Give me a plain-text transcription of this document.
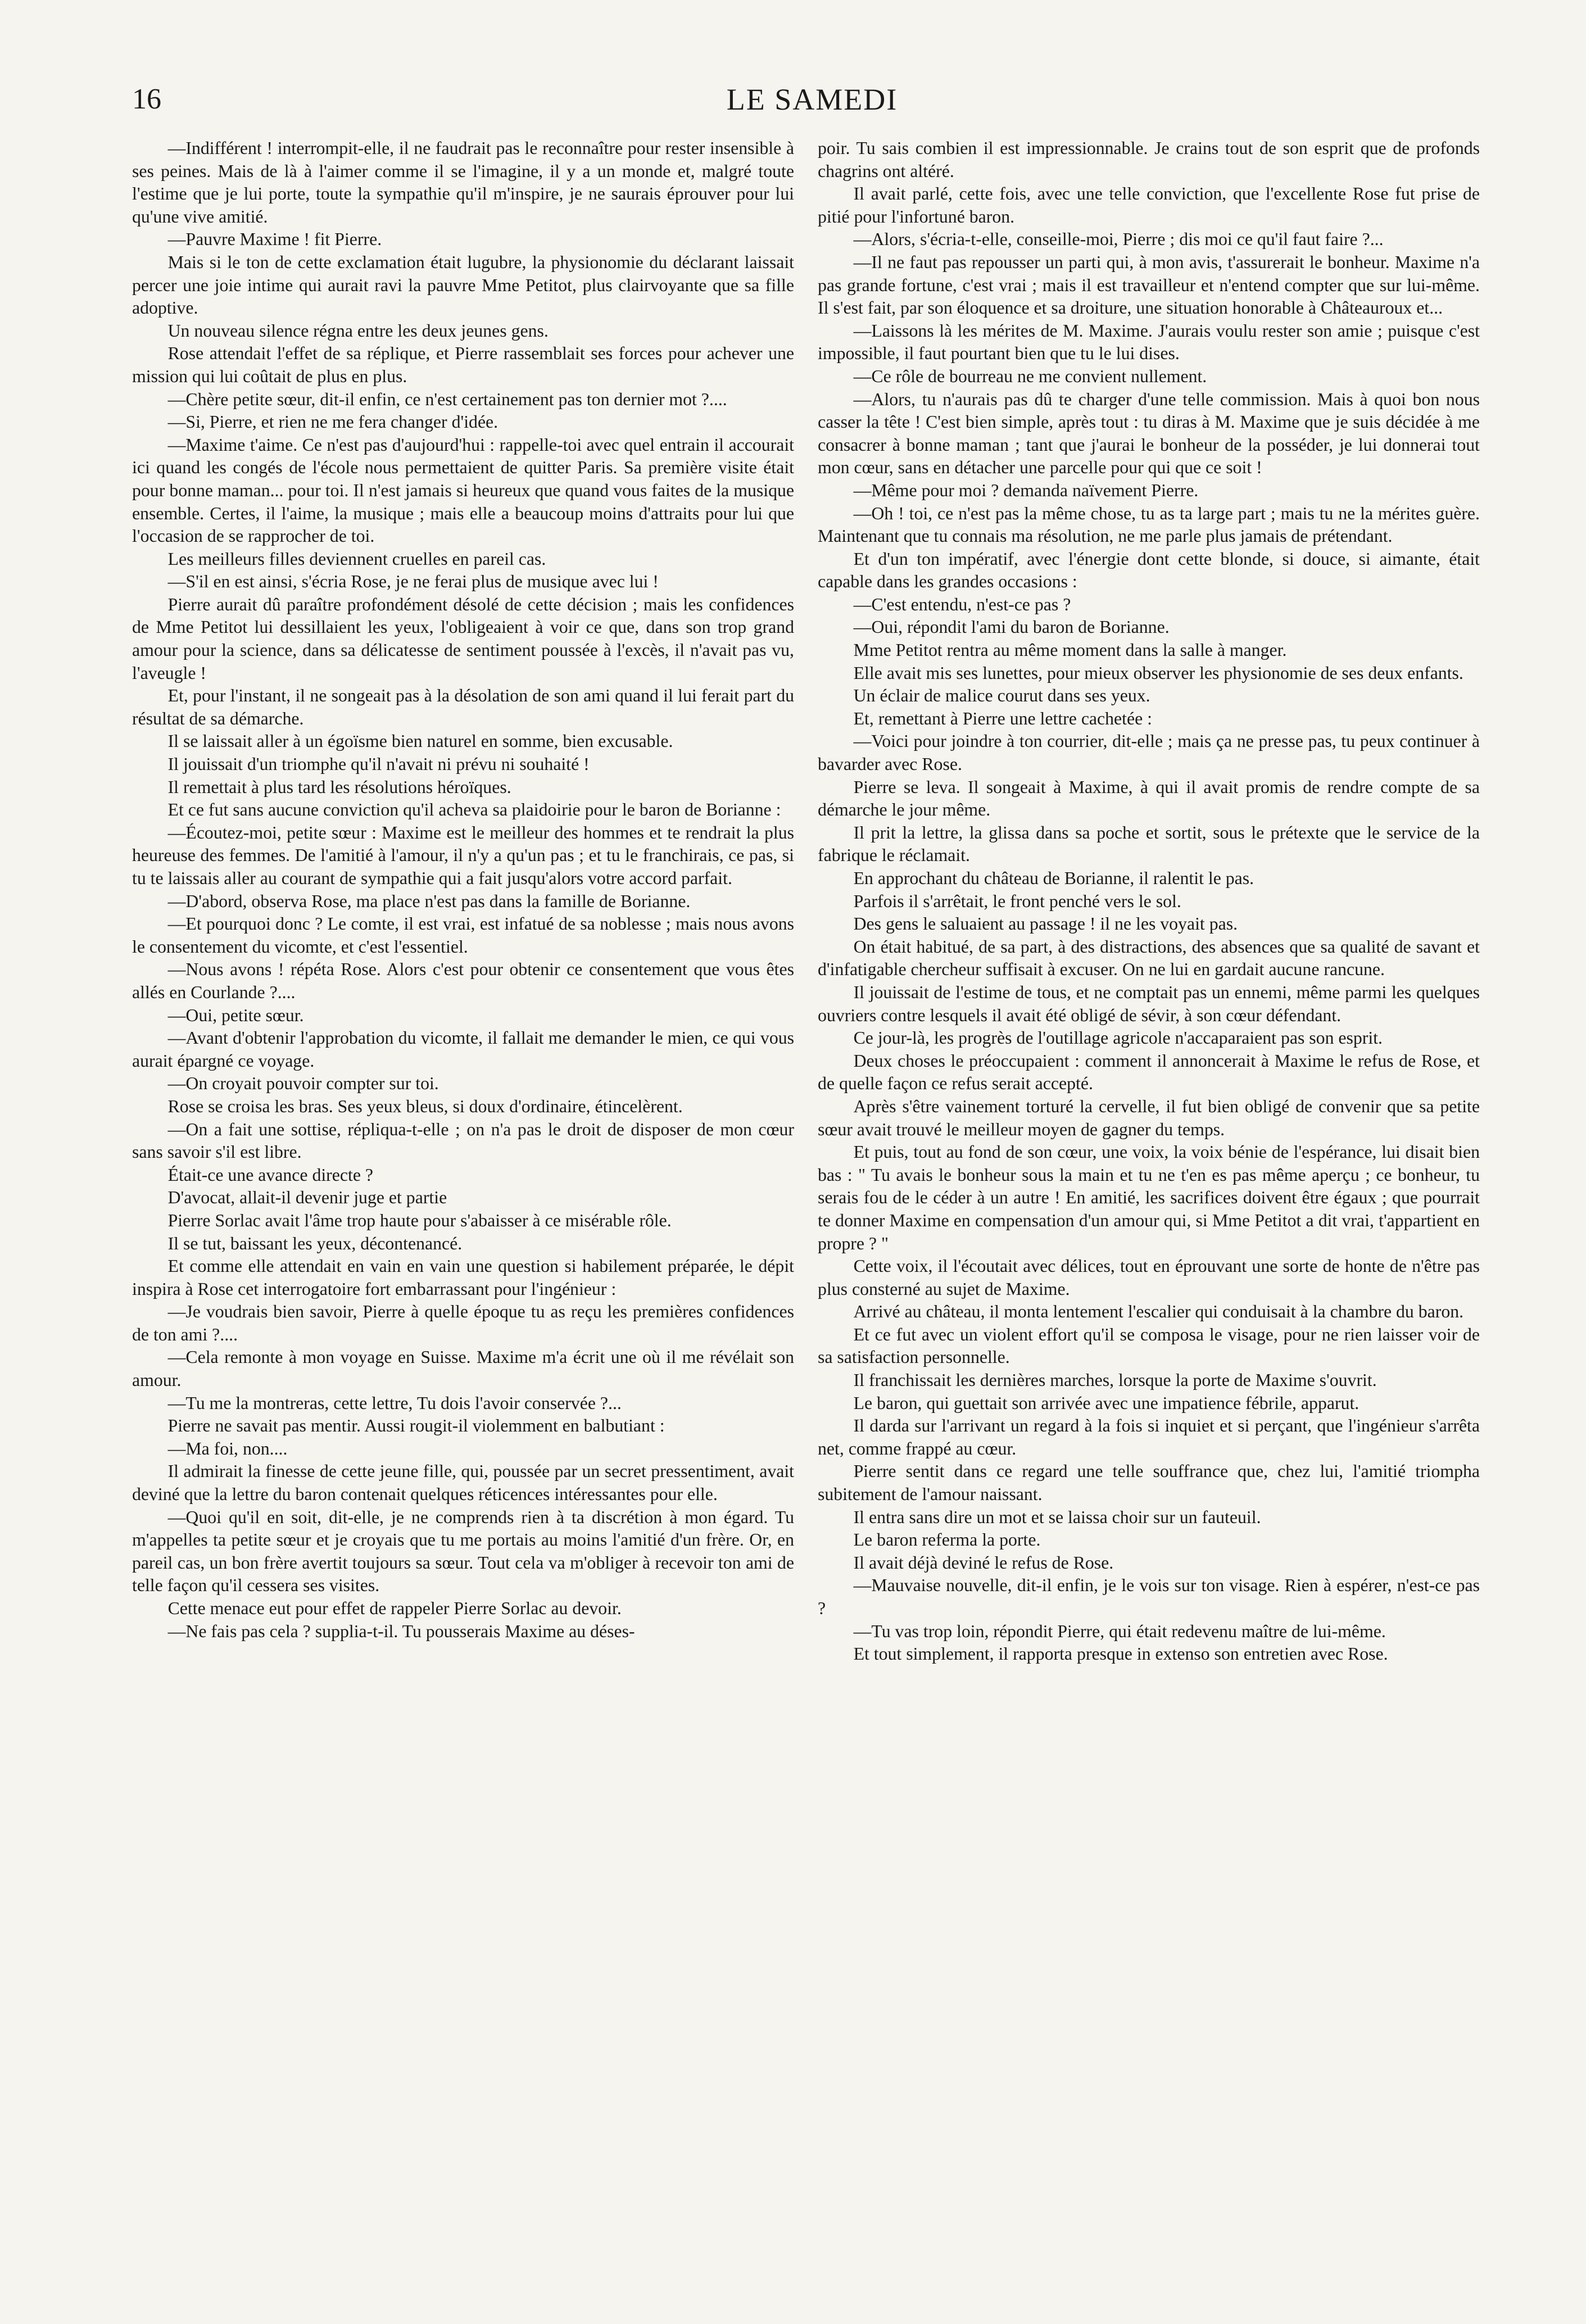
16	LE SAMEDI

—Indifférent ! interrompit-elle, il ne faudrait pas le reconnaître pour rester insensible à ses peines. Mais de là à l'aimer comme il se l'imagine, il y a un monde et, malgré toute l'estime que je lui porte, toute la sympathie qu'il m'inspire, je ne saurais éprouver pour lui qu'une vive amitié.

—Pauvre Maxime ! fit Pierre.

Mais si le ton de cette exclamation était lugubre, la physionomie du déclarant laissait percer une joie intime qui aurait ravi la pauvre Mme Petitot, plus clairvoyante que sa fille adoptive.

Un nouveau silence régna entre les deux jeunes gens.

Rose attendait l'effet de sa réplique, et Pierre rassemblait ses forces pour achever une mission qui lui coûtait de plus en plus.

—Chère petite sœur, dit-il enfin, ce n'est certainement pas ton dernier mot ?....

—Si, Pierre, et rien ne me fera changer d'idée.

—Maxime t'aime. Ce n'est pas d'aujourd'hui : rappelle-toi avec quel entrain il accourait ici quand les congés de l'école nous permettaient de quitter Paris. Sa première visite était pour bonne maman... pour toi. Il n'est jamais si heureux que quand vous faites de la musique ensemble. Certes, il l'aime, la musique ; mais elle a beaucoup moins d'attraits pour lui que l'occasion de se rapprocher de toi.

Les meilleurs filles deviennent cruelles en pareil cas.

—S'il en est ainsi, s'écria Rose, je ne ferai plus de musique avec lui !

Pierre aurait dû paraître profondément désolé de cette décision ; mais les confidences de Mme Petitot lui dessillaient les yeux, l'obligeaient à voir ce que, dans son trop grand amour pour la science, dans sa délicatesse de sentiment poussée à l'excès, il n'avait pas vu, l'aveugle !

Et, pour l'instant, il ne songeait pas à la désolation de son ami quand il lui ferait part du résultat de sa démarche.

Il se laissait aller à un égoïsme bien naturel en somme, bien excusable.

Il jouissait d'un triomphe qu'il n'avait ni prévu ni souhaité !

Il remettait à plus tard les résolutions héroïques.

Et ce fut sans aucune conviction qu'il acheva sa plaidoirie pour le baron de Borianne :

—Écoutez-moi, petite sœur : Maxime est le meilleur des hommes et te rendrait la plus heureuse des femmes. De l'amitié à l'amour, il n'y a qu'un pas ; et tu le franchirais, ce pas, si tu te laissais aller au courant de sympathie qui a fait jusqu'alors votre accord parfait.

—D'abord, observa Rose, ma place n'est pas dans la famille de Borianne.

—Et pourquoi donc ? Le comte, il est vrai, est infatué de sa noblesse ; mais nous avons le consentement du vicomte, et c'est l'essentiel.

—Nous avons ! répéta Rose. Alors c'est pour obtenir ce consentement que vous êtes allés en Courlande ?....

—Oui, petite sœur.

—Avant d'obtenir l'approbation du vicomte, il fallait me demander le mien, ce qui vous aurait épargné ce voyage.

—On croyait pouvoir compter sur toi.

Rose se croisa les bras. Ses yeux bleus, si doux d'ordinaire, étincelèrent.

—On a fait une sottise, répliqua-t-elle ; on n'a pas le droit de disposer de mon cœur sans savoir s'il est libre.

Était-ce une avance directe ?

D'avocat, allait-il devenir juge et partie

Pierre Sorlac avait l'âme trop haute pour s'abaisser à ce misérable rôle.

Il se tut, baissant les yeux, décontenancé.

Et comme elle attendait en vain en vain une question si habilement préparée, le dépit inspira à Rose cet interrogatoire fort embarrassant pour l'ingénieur :

—Je voudrais bien savoir, Pierre à quelle époque tu as reçu les premières confidences de ton ami ?....

—Cela remonte à mon voyage en Suisse. Maxime m'a écrit une où il me révélait son amour.

—Tu me la montreras, cette lettre, Tu dois l'avoir conservée ?...

Pierre ne savait pas mentir. Aussi rougit-il violemment en balbutiant :

—Ma foi, non....

Il admirait la finesse de cette jeune fille, qui, poussée par un secret pressentiment, avait deviné que la lettre du baron contenait quelques réticences intéressantes pour elle.

—Quoi qu'il en soit, dit-elle, je ne comprends rien à ta discrétion à mon égard. Tu m'appelles ta petite sœur et je croyais que tu me portais au moins l'amitié d'un frère. Or, en pareil cas, un bon frère avertit toujours sa sœur. Tout cela va m'obliger à recevoir ton ami de telle façon qu'il cessera ses visites.

Cette menace eut pour effet de rappeler Pierre Sorlac au devoir.

—Ne fais pas cela ? supplia-t-il. Tu pousserais Maxime au déses-

poir. Tu sais combien il est impressionnable. Je crains tout de son esprit que de profonds chagrins ont altéré.

Il avait parlé, cette fois, avec une telle conviction, que l'excellente Rose fut prise de pitié pour l'infortuné baron.

—Alors, s'écria-t-elle, conseille-moi, Pierre ; dis moi ce qu'il faut faire ?...

—Il ne faut pas repousser un parti qui, à mon avis, t'assurerait le bonheur. Maxime n'a pas grande fortune, c'est vrai ; mais il est travailleur et n'entend compter que sur lui-même. Il s'est fait, par son éloquence et sa droiture, une situation honorable à Châteauroux et...

—Laissons là les mérites de M. Maxime. J'aurais voulu rester son amie ; puisque c'est impossible, il faut pourtant bien que tu le lui dises.

—Ce rôle de bourreau ne me convient nullement.

—Alors, tu n'aurais pas dû te charger d'une telle commission. Mais à quoi bon nous casser la tête ! C'est bien simple, après tout : tu diras à M. Maxime que je suis décidée à me consacrer à bonne maman ; tant que j'aurai le bonheur de la posséder, je lui donnerai tout mon cœur, sans en détacher une parcelle pour qui que ce soit !

—Même pour moi ? demanda naïvement Pierre.

—Oh ! toi, ce n'est pas la même chose, tu as ta large part ; mais tu ne la mérites guère. Maintenant que tu connais ma résolution, ne me parle plus jamais de prétendant.

Et d'un ton impératif, avec l'énergie dont cette blonde, si douce, si aimante, était capable dans les grandes occasions :

—C'est entendu, n'est-ce pas ?

—Oui, répondit l'ami du baron de Borianne.

Mme Petitot rentra au même moment dans la salle à manger.

Elle avait mis ses lunettes, pour mieux observer les physionomie de ses deux enfants.

Un éclair de malice courut dans ses yeux.

Et, remettant à Pierre une lettre cachetée :

—Voici pour joindre à ton courrier, dit-elle ; mais ça ne presse pas, tu peux continuer à bavarder avec Rose.

Pierre se leva. Il songeait à Maxime, à qui il avait promis de rendre compte de sa démarche le jour même.

Il prit la lettre, la glissa dans sa poche et sortit, sous le prétexte que le service de la fabrique le réclamait.

En approchant du château de Borianne, il ralentit le pas.

Parfois il s'arrêtait, le front penché vers le sol.

Des gens le saluaient au passage ! il ne les voyait pas.

On était habitué, de sa part, à des distractions, des absences que sa qualité de savant et d'infatigable chercheur suffisait à excuser. On ne lui en gardait aucune rancune.

Il jouissait de l'estime de tous, et ne comptait pas un ennemi, même parmi les quelques ouvriers contre lesquels il avait été obligé de sévir, à son cœur défendant.

Ce jour-là, les progrès de l'outillage agricole n'accaparaient pas son esprit.

Deux choses le préoccupaient : comment il annoncerait à Maxime le refus de Rose, et de quelle façon ce refus serait accepté.

Après s'être vainement torturé la cervelle, il fut bien obligé de convenir que sa petite sœur avait trouvé le meilleur moyen de gagner du temps.

Et puis, tout au fond de son cœur, une voix, la voix bénie de l'espérance, lui disait bien bas : " Tu avais le bonheur sous la main et tu ne t'en es pas même aperçu ; ce bonheur, tu serais fou de le céder à un autre ! En amitié, les sacrifices doivent être égaux ; que pourrait te donner Maxime en compensation d'un amour qui, si Mme Petitot a dit vrai, t'appartient en propre ? "

Cette voix, il l'écoutait avec délices, tout en éprouvant une sorte de honte de n'être pas plus consterné au sujet de Maxime.

Arrivé au château, il monta lentement l'escalier qui conduisait à la chambre du baron.

Et ce fut avec un violent effort qu'il se composa le visage, pour ne rien laisser voir de sa satisfaction personnelle.

Il franchissait les dernières marches, lorsque la porte de Maxime s'ouvrit.

Le baron, qui guettait son arrivée avec une impatience fébrile, apparut.

Il darda sur l'arrivant un regard à la fois si inquiet et si perçant, que l'ingénieur s'arrêta net, comme frappé au cœur.

Pierre sentit dans ce regard une telle souffrance que, chez lui, l'amitié triompha subitement de l'amour naissant.

Il entra sans dire un mot et se laissa choir sur un fauteuil.

Le baron referma la porte.

Il avait déjà deviné le refus de Rose.

—Mauvaise nouvelle, dit-il enfin, je le vois sur ton visage. Rien à espérer, n'est-ce pas ?

—Tu vas trop loin, répondit Pierre, qui était redevenu maître de lui-même.

Et tout simplement, il rapporta presque in extenso son entretien avec Rose.
